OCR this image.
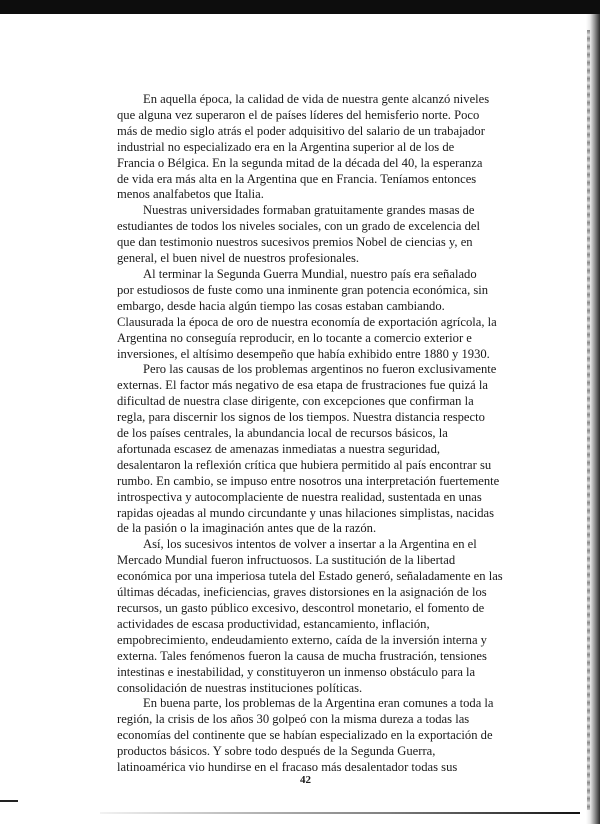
En aquella época, la calidad de vida de nuestra gente alcanzó niveles
que alguna vez superaron el de países líderes del hemisferio norte. Poco
más de medio siglo atrás el poder adquisitivo del salario de un trabajador
industrial no especializado era en la Argentina superior al de los de
Francia o Bélgica. En la segunda mitad de la década del 40, la esperanza
de vida era más alta en la Argentina que en Francia. Teníamos entonces
menos analfabetos que Italia.

Nuestras universidades formaban gratuitamente grandes masas de
estudiantes de todos los niveles sociales, con un grado de excelencia del
que dan testimonio nuestros sucesivos premios Nobel de ciencias y, en
general, el buen nivel de nuestros profesionales.

Al terminar la Segunda Guerra Mundial, nuestro país era señalado
por estudiosos de fuste como una inminente gran potencia económica, sin
embargo, desde hacia algún tiempo las cosas estaban cambiando.
Clausurada la época de oro de nuestra economía de exportación agrícola, la
Argentina no conseguía reproducir, en lo tocante a comercio exterior e
inversiones, el altísimo desempeño que había exhibido entre 1880 y 1930.

Pero las causas de los problemas argentinos no fueron exclusivamente
externas. El factor más negativo de esa etapa de frustraciones fue quizá la
dificultad de nuestra clase dirigente, con excepciones que confirman la
regla, para discernir los signos de los tiempos. Nuestra distancia respecto
de los países centrales, la abundancia local de recursos básicos, la
afortunada escasez de amenazas inmediatas a nuestra seguridad,
desalentaron la reflexión crítica que hubiera permitido al país encontrar su
rumbo. En cambio, se impuso entre nosotros una interpretación fuertemente
introspectiva y autocomplaciente de nuestra realidad, sustentada en unas
rapidas ojeadas al mundo circundante y unas hilaciones simplistas, nacidas
de la pasión o la imaginación antes que de la razón.

Así, los sucesivos intentos de volver a insertar a la Argentina en el
Mercado Mundial fueron infructuosos. La sustitución de la libertad
económica por una imperiosa tutela del Estado generó, señaladamente en las
últimas décadas, ineficiencias, graves distorsiones en la asignación de los
recursos, un gasto público excesivo, descontrol monetario, el fomento de
actividades de escasa productividad, estancamiento, inflación,
empobrecimiento, endeudamiento externo, caída de la inversión interna y
externa. Tales fenómenos fueron la causa de mucha frustración, tensiones
intestinas e inestabilidad, y constituyeron un inmenso obstáculo para la
consolidación de nuestras instituciones políticas.

En buena parte, los problemas de la Argentina eran comunes a toda la
región, la crisis de los años 30 golpeó con la misma dureza a todas las
economías del continente que se habían especializado en la exportación de
productos básicos. Y sobre todo después de la Segunda Guerra,
latinoamérica vio hundirse en el fracaso más desalentador todas sus

42
